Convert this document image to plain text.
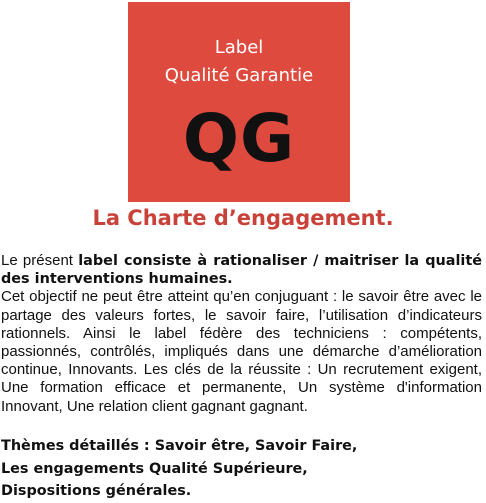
Label
Qualité Garantie
QG
La Charte d’engagement.

Le présent label consiste à rationaliser / maitriser la qualité des interventions humaines.

Cet objectif ne peut être atteint qu’en conjuguant : le savoir être avec le partage des valeurs fortes, le savoir faire, l’utilisation d’indicateurs rationnels. Ainsi le label fédère des techniciens : compétents, passionnés, contrôlés, impliqués dans une démarche d’amélioration continue, Innovants. Les clés de la réussite : Un recrutement exigent, Une formation efficace et permanente, Un système d'information Innovant, Une relation client gagnant gagnant.

Thèmes détaillés : Savoir être, Savoir Faire,
Les engagements Qualité Supérieure,
Dispositions générales.
